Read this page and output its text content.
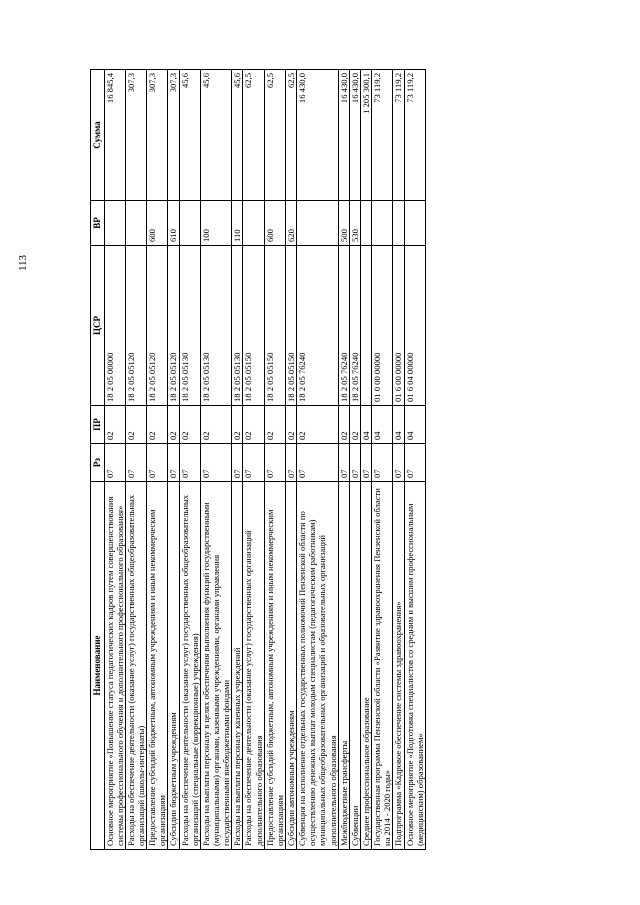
113
Наименование	Рз	ПР	ЦСР	ВР	Сумма
Основное мероприятие «Повышение статуса педагогических кадров путем совершенствования системы профессионального обучения и дополнительного профессионального образования»	07	02	18 2 05 00000		16 845,4
Расходы на обеспечение деятельности (оказание услуг) государственных общеобразовательных организаций (школы-интернаты)	07	02	18 2 05 05120		307,3
Предоставление субсидий бюджетным, автономным учреждениям и иным некоммерческим организациям	07	02	18 2 05 05120	600	307,3
Субсидии бюджетным учреждениям	07	02	18 2 05 05120	610	307,3
Расходы на обеспечение деятельности (оказание услуг) государственных общеобразовательных организаций (специальные (коррекционные) учреждения)	07	02	18 2 05 05130		45,6
Расходы на выплаты персоналу в целях обеспечения выполнения функций государственными (муниципальными) органами, казенными учреждениями, органами управления государственными внебюджетными фондами	07	02	18 2 05 05130	100	45,6
Расходы на выплаты персоналу казенных учреждений	07	02	18 2 05 05130	110	45,6
Расходы на обеспечение деятельности (оказание услуг) государственных организаций дополнительного образования	07	02	18 2 05 05150		62,5
Предоставление субсидий бюджетным, автономным учреждениям и иным некоммерческим организациям	07	02	18 2 05 05150	600	62,5
Субсидии автономным учреждениям	07	02	18 2 05 05150	620	62,5
Субвенция на исполнение отдельных государственных полномочий Пензенской области по осуществлению денежных выплат молодым специалистам (педагогическим работникам) муниципальных общеобразовательных организаций и образовательных организаций дополнительного образования	07	02	18 2 05 76240		16 430,0
Межбюджетные трансферты	07	02	18 2 05 76240	500	16 430,0
Субвенции	07	02	18 2 05 76240	530	16 430,0
Среднее профессиональное образование	07	04			1 205 300,1
Государственная программа Пензенской области «Развитие здравоохранения Пензенской области на 2014 - 2020 годы»	07	04	01 0 00 00000		73 119,2
Подпрограмма «Кадровое обеспечение системы здравоохранения»	07	04	01 6 00 00000		73 119,2
Основное мероприятие «Подготовка специалистов со средним и высшим профессиональным (медицинским) образованием»	07	04	01 6 04 00000		73 119,2
